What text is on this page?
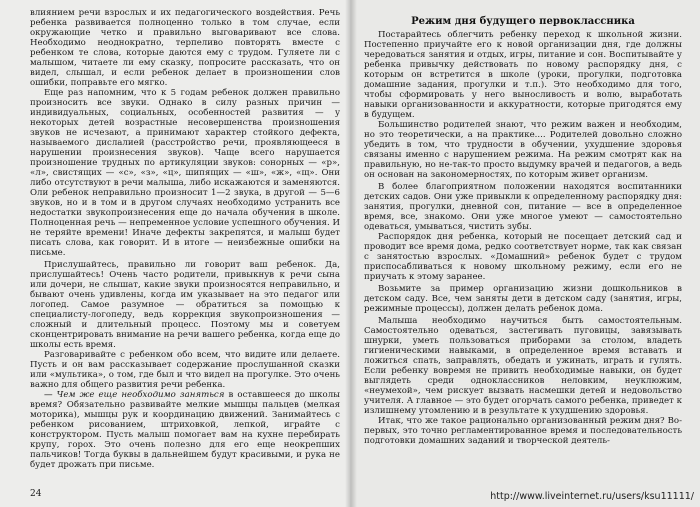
влиянием речи взрослых и их педагогического воздействия. Речь ребенка развивается полноценно только в том случае, если окружающие четко и правильно выговаривают все слова. Необходимо неоднократно, терпеливо повторять вместе с ребенком те слова, которые даются ему с трудом. Гуляете ли с малышом, читаете ли ему сказку, попросите рассказать, что он видел, слышал, и если ребенок делает в произношении слов ошибки, поправьте его мягко.

Еще раз напомним, что к 5 годам ребенок должен правильно произносить все звуки. Однако в силу разных причин — индивидуальных, социальных, особенностей развития — у некоторых детей возрастные несовершенства произношения звуков не исчезают, а принимают характер стойкого дефекта, называемого дислалией (расстройство речи, проявляющееся в нарушении произнесения звуков). Чаще всего нарушается произношение трудных по артикуляции звуков: сонорных — «р», «л», свистящих — «с», «з», «ц», шипящих — «ш», «ж», «щ». Они либо отсутствуют в речи малыша, либо искажаются и заменяются. Оли ребенок неправильно произносит 1—2 звука, в другой — 5—6 звуков, но и в том и в другом случаях необходимо устранить все недостатки звукопроизнесения еще до начала обучения в школе. Полноценная речь — непременное условие успешного обучения. И не теряйте времени! Иначе дефекты закрепятся, и малыш будет писать слова, как говорит. И в итоге — неизбежные ошибки на письме.

Прислушайтесь, правильно ли говорит ваш ребенок. Да, прислушайтесь! Очень часто родители, привыкнув к речи сына или дочери, не слышат, какие звуки произносятся неправильно, и бывают очень удивлены, когда им указывает на это педагог или логопед. Самое разумное — обратиться за помощью к специалисту-логопеду, ведь коррекция звукопроизношения — сложный и длительный процесс. Поэтому мы и советуем сконцентрировать внимание на речи вашего ребенка, когда еще до школы есть время.

Разговаривайте с ребенком обо всем, что видите или делаете. Пусть и он вам рассказывает содержание прослушанной сказки или «мультика», о том, где был и что видел на прогулке. Это очень важно для общего развития речи ребенка.

— Чем же еще необходимо заняться в оставшееся до школы время? Обязательно развивайте мелкие мышцы пальцев (мелкая моторика), мышцы рук и координацию движений. Занимайтесь с ребенком рисованием, штриховкой, лепкой, играйте с конструктором. Пусть малыш помогает вам на кухне перебирать крупу, горох. Это очень полезно для его еще неокрепших пальчиков! Тогда буквы в дальнейшем будут красивыми, и рука не будет дрожать при письме.

24
Режим дня будущего первоклассника

Постарайтесь облегчить ребенку переход к школьной жизни. Постепенно приучайте его к новой организации дня, где должны чередоваться занятия и отдых, игры, питание и сон. Воспитывайте у ребенка привычку действовать по новому распорядку дня, с которым он встретится в школе (уроки, прогулки, подготовка домашние задания, прогулки и т.п.). Это необходимо для того, чтобы сформировать у него выносливость и волю, выработать навыки организованности и аккуратности, которые пригодятся ему в будущем.

Большинство родителей знают, что режим важен и необходим, но это теоретически, а на практике.... Родителей довольно сложно убедить в том, что трудности в обучении, ухудшение здоровья связаны именно с нарушением режима. На режим смотрят как на правильную, но не-так-то просто выдумку врачей и педагогов, а ведь он основан на закономерностях, по которым живет организм.

В более благоприятном положении находятся воспитанники детских садов. Они уже привыкли к определенному распорядку дня: занятия, прогулки, дневной сон, питание — все в определенное время, все, знакомо. Они уже многое умеют — самостоятельно одеваться, умываться, чистить зубы.

Распорядок дня ребенка, который не посещает детский сад и проводит все время дома, редко соответствует норме, так как связан с занятостью взрослых. «Домашний» ребенок будет с трудом приспосабливаться к новому школьному режиму, если его не приучать к этому заранее.

Возьмите за пример организацию жизни дошкольников в детском саду. Все, чем заняты дети в детском саду (занятия, игры, режимные процессы), должен делать ребенок дома.

Малыша необходимо научиться быть самостоятельным. Самостоятельно одеваться, застегивать пуговицы, завязывать шнурки, уметь пользоваться приборами за столом, владеть гигиеническими навыками, в определенное время вставать и ложиться спать, заправлять, обедать и ужинать, играть и гулять. Если ребенку вовремя не привить необходимые навыки, он будет выглядеть среди одноклассников неловким, неуклюжим, «неумехой», чем рискует вызвать насмешки детей и недовольство учителя. А главное — это будет огорчать самого ребенка, приведет к излишнему утомлению и в результате к ухудшению здоровья.

Итак, что же такое рационально организованный режим дня? Во-первых, это точно регламентированное время и последовательность подготовки домашних заданий и творческой деятель-

http://www.liveinternet.ru/users/ksu11111/
